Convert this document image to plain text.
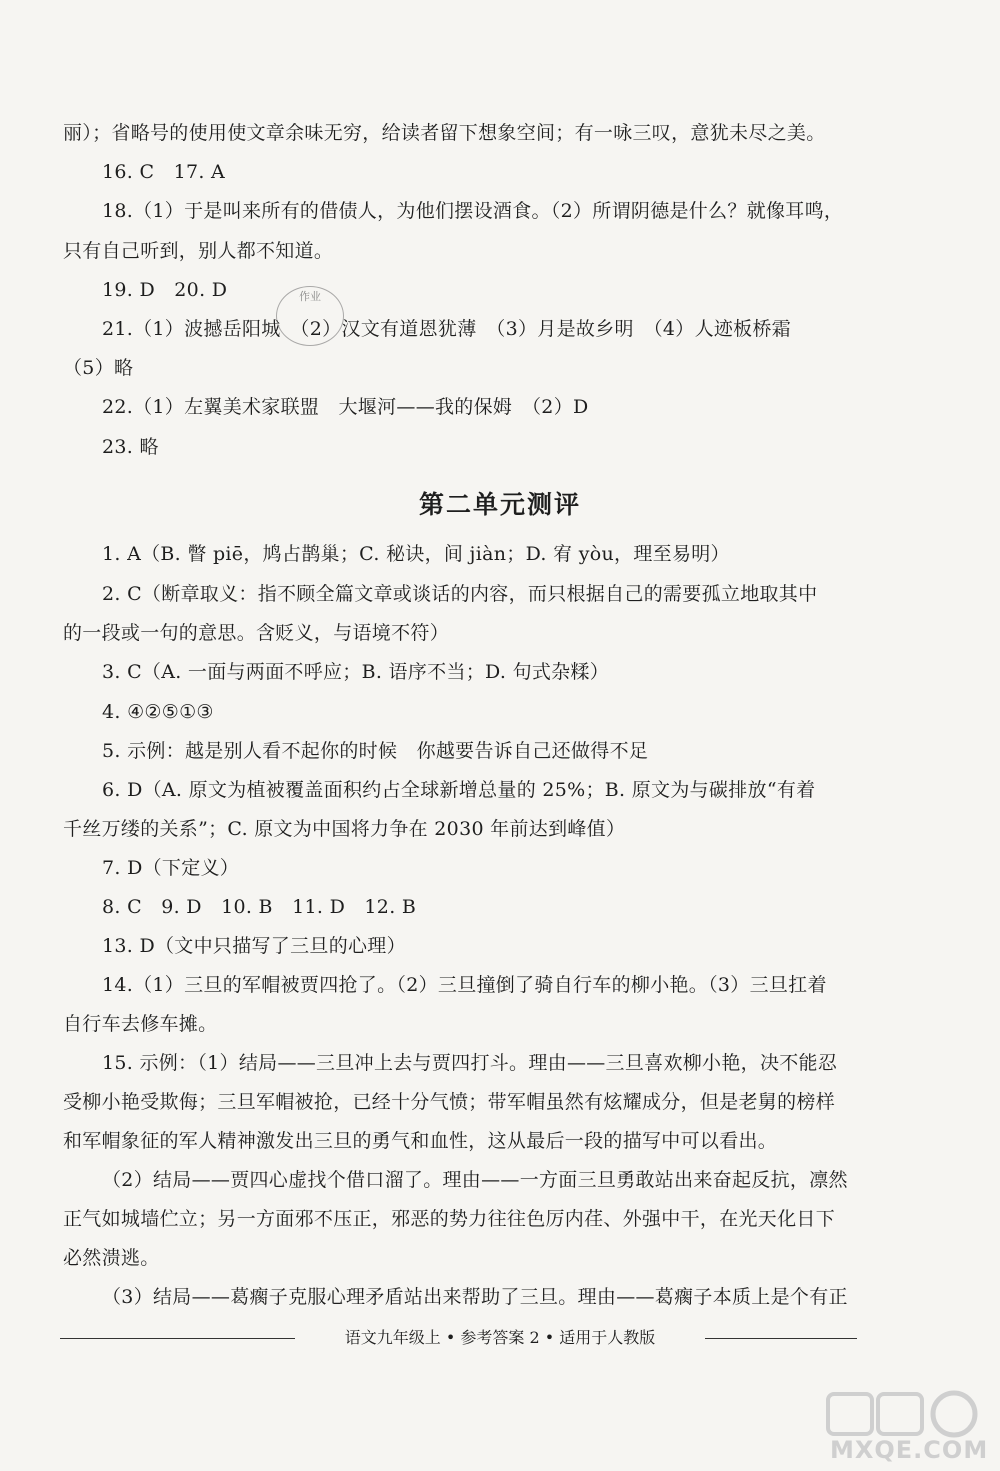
丽）；省略号的使用使文章余味无穷，给读者留下想象空间；有一咏三叹，意犹未尽之美。
16. C　17. A
18.（1）于是叫来所有的借债人，为他们摆设酒食。（2）所谓阴德是什么？就像耳鸣，
只有自己听到，别人都不知道。
19. D　20. D
21.（1）波撼岳阳城　（2）汉文有道恩犹薄　（3）月是故乡明　（4）人迹板桥霜
（5）略
22.（1）左翼美术家联盟　大堰河——我的保姆　（2）D
23. 略
第二单元测评
1. A（B. 瞥 piē，鸠占鹊巢；C. 秘诀，间 jiàn；D. 宥 yòu，理至易明）
2. C（断章取义：指不顾全篇文章或谈话的内容，而只根据自己的需要孤立地取其中
的一段或一句的意思。含贬义，与语境不符）
3. C（A. 一面与两面不呼应；B. 语序不当；D. 句式杂糅）
4. ④②⑤①③
5. 示例：越是别人看不起你的时候　你越要告诉自己还做得不足
6. D（A. 原文为植被覆盖面积约占全球新增总量的 25%；B. 原文为与碳排放“有着
千丝万缕的关系”；C. 原文为中国将力争在 2030 年前达到峰值）
7. D（下定义）
8. C　9. D　10. B　11. D　12. B
13. D（文中只描写了三旦的心理）
14.（1）三旦的军帽被贾四抢了。（2）三旦撞倒了骑自行车的柳小艳。（3）三旦扛着
自行车去修车摊。
15. 示例：（1）结局——三旦冲上去与贾四打斗。理由——三旦喜欢柳小艳，决不能忍
受柳小艳受欺侮；三旦军帽被抢，已经十分气愤；带军帽虽然有炫耀成分，但是老舅的榜样
和军帽象征的军人精神激发出三旦的勇气和血性，这从最后一段的描写中可以看出。
（2）结局——贾四心虚找个借口溜了。理由——一方面三旦勇敢站出来奋起反抗，凛然
正气如城墙伫立；另一方面邪不压正，邪恶的势力往往色厉内荏、外强中干，在光天化日下
必然溃逃。
（3）结局——葛瘸子克服心理矛盾站出来帮助了三旦。理由——葛瘸子本质上是个有正
作业
语文九年级上 • 参考答案 2 • 适用于人教版
MXQE.COM
